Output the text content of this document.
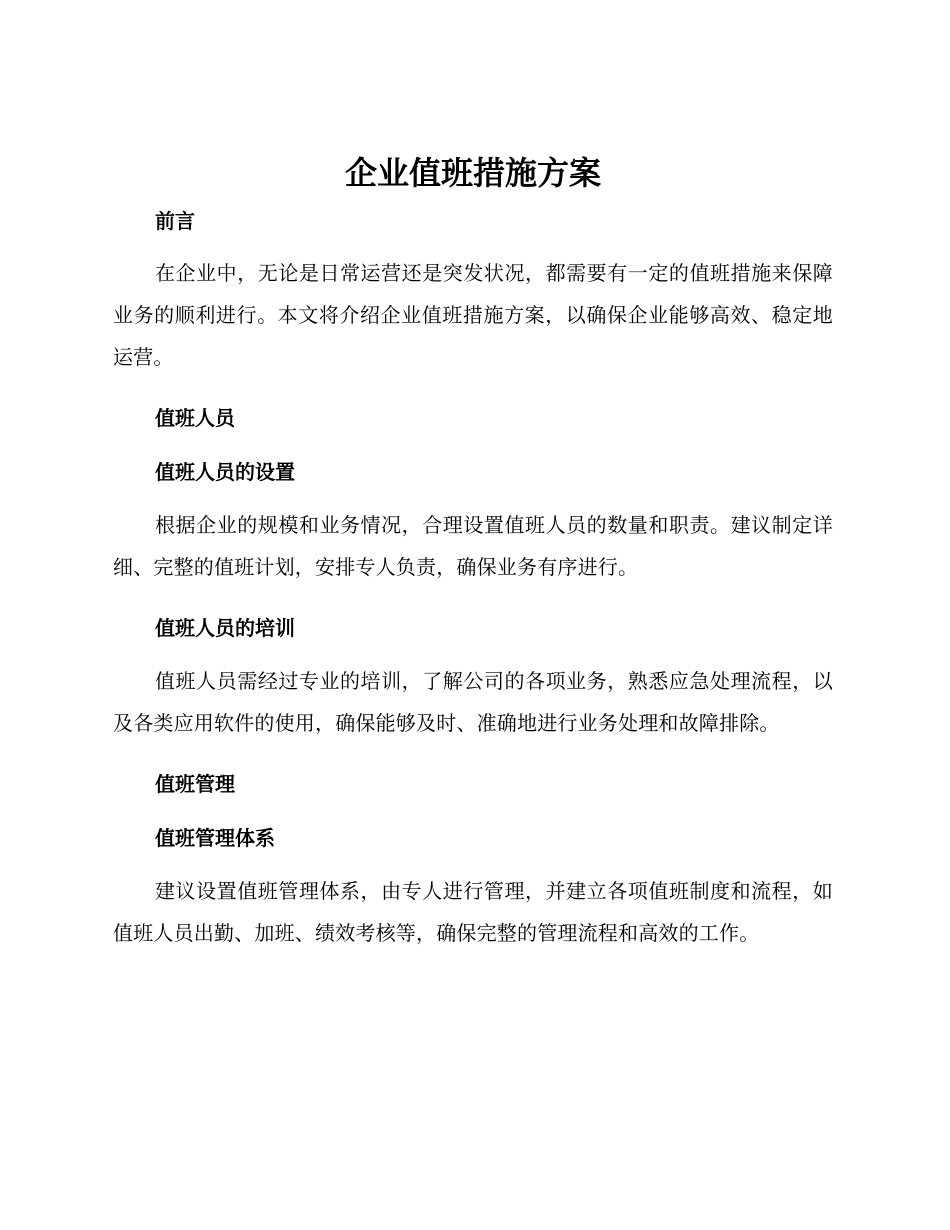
企业值班措施方案
前言

在企业中，无论是日常运营还是突发状况，都需要有一定的值班措施来保障业务的顺利进行。本文将介绍企业值班措施方案，以确保企业能够高效、稳定地运营。

值班人员
值班人员的设置

根据企业的规模和业务情况，合理设置值班人员的数量和职责。建议制定详细、完整的值班计划，安排专人负责，确保业务有序进行。

值班人员的培训

值班人员需经过专业的培训，了解公司的各项业务，熟悉应急处理流程，以及各类应用软件的使用，确保能够及时、准确地进行业务处理和故障排除。

值班管理
值班管理体系

建议设置值班管理体系，由专人进行管理，并建立各项值班制度和流程，如值班人员出勤、加班、绩效考核等，确保完整的管理流程和高效的工作。
